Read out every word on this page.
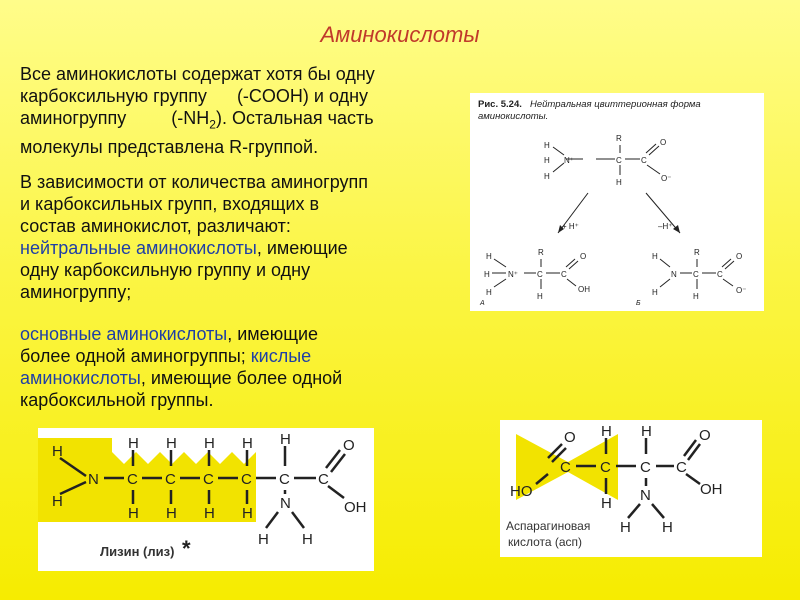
Аминокислоты
Все аминокислоты содержат хотя бы одну
карбоксильную группу      (-COOH) и одну
аминогруппу         $(-NH_2)$. Остальная часть
молекулы представлена R-группой.
В зависимости от количества аминогрупп
и карбоксильных групп, входящих в
состав аминокислот, различают:
нейтральные аминокислоты, имеющие
одну карбоксильную группу и одну
аминогруппу;
основные аминокислоты, имеющие
более одной аминогруппы; кислые
аминокислоты, имеющие более одной
карбоксильной группы.
Рис. 5.24. Нейтральная цвиттерионная форма
аминокислоты.
R
H
H
H
N⁺	C
H
C
O
O⁻
+ H⁺	–H⁺
R
H
H
H
N⁺ C
H
C
O
OH
А
R
H
H
N C
H
C
O
O⁻
Б
H
N
H
H
C
H
H
C
H
H
C
H
H
C
H
H
C C
O
OH
N
H H
Лизин (лиз) *
O
C
HO
H
C
H
H
C
N
C
O
OH
H H
Аспарагиновая
кислота (асп)
